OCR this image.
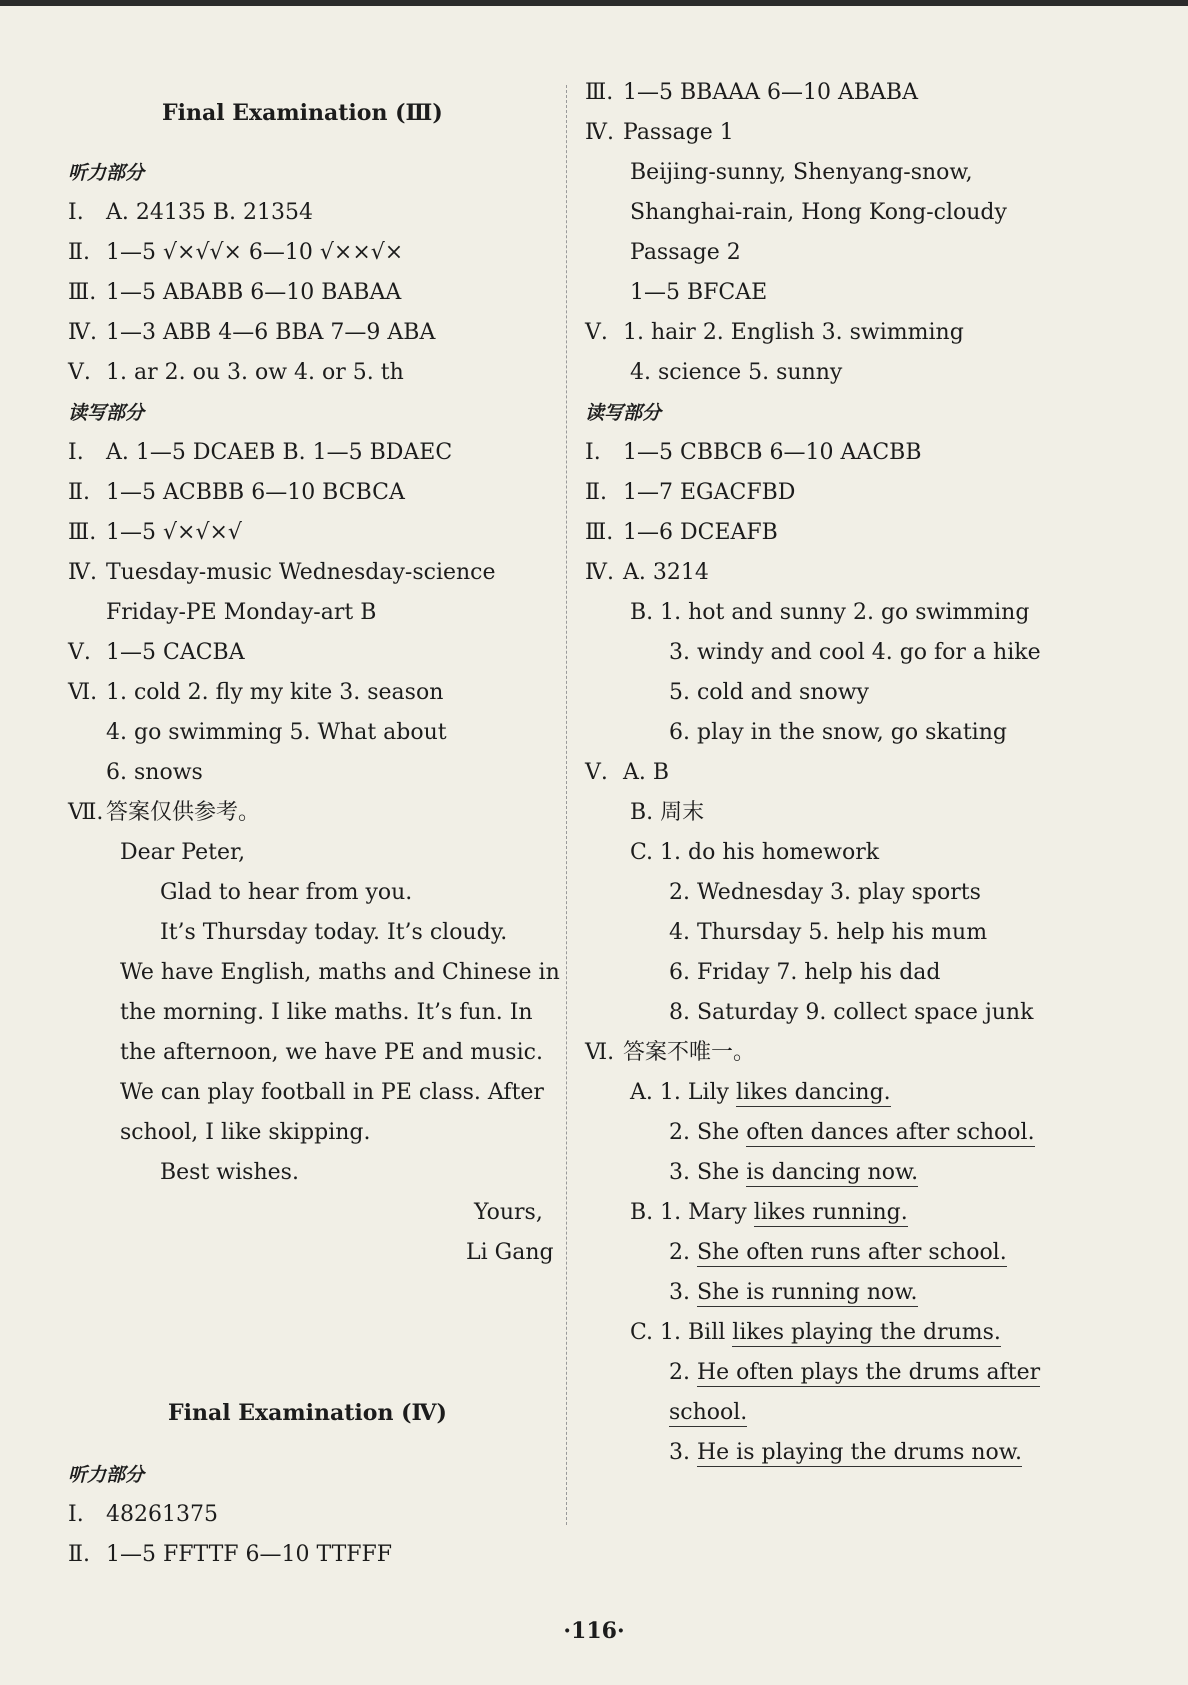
Final Examination (Ⅲ)
听力部分
Ⅰ. A. 24135 B. 21354
Ⅱ. 1—5 √×√√× 6—10 √××√×
Ⅲ. 1—5 ABABB 6—10 BABAA
Ⅳ. 1—3 ABB 4—6 BBA 7—9 ABA
Ⅴ. 1. ar 2. ou 3. ow 4. or 5. th
读写部分
Ⅰ. A. 1—5 DCAEB B. 1—5 BDAEC
Ⅱ. 1—5 ACBBB 6—10 BCBCA
Ⅲ. 1—5 √×√×√
Ⅳ. Tuesday-music Wednesday-science
Friday-PE Monday-art B
Ⅴ. 1—5 CACBA
Ⅵ. 1. cold 2. fly my kite 3. season
4. go swimming 5. What about
6. snows
Ⅶ. 答案仅供参考。
Dear Peter,
Glad to hear from you.
It’s Thursday today. It’s cloudy.
We have English, maths and Chinese in
the morning. I like maths. It’s fun. In
the afternoon, we have PE and music.
We can play football in PE class. After
school, I like skipping.
Best wishes.
Yours,
Li Gang
Final Examination (Ⅳ)
听力部分
Ⅰ. 48261375
Ⅱ. 1—5 FFTTF 6—10 TTFFF
Ⅲ. 1—5 BBAAA 6—10 ABABA
Ⅳ. Passage 1
Beijing-sunny, Shenyang-snow,
Shanghai-rain, Hong Kong-cloudy
Passage 2
1—5 BFCAE
Ⅴ. 1. hair 2. English 3. swimming
4. science 5. sunny
读写部分
Ⅰ. 1—5 CBBCB 6—10 AACBB
Ⅱ. 1—7 EGACFBD
Ⅲ. 1—6 DCEAFB
Ⅳ. A. 3214
B. 1. hot and sunny 2. go swimming
3. windy and cool 4. go for a hike
5. cold and snowy
6. play in the snow, go skating
Ⅴ. A. B
B. 周末
C. 1. do his homework
2. Wednesday 3. play sports
4. Thursday 5. help his mum
6. Friday 7. help his dad
8. Saturday 9. collect space junk
Ⅵ. 答案不唯一。
A. 1. Lily likes dancing.
2. She often dances after school.
3. She is dancing now.
B. 1. Mary likes running.
2. She often runs after school.
3. She is running now.
C. 1. Bill likes playing the drums.
2. He often plays the drums after
school.
3. He is playing the drums now.
·116·
